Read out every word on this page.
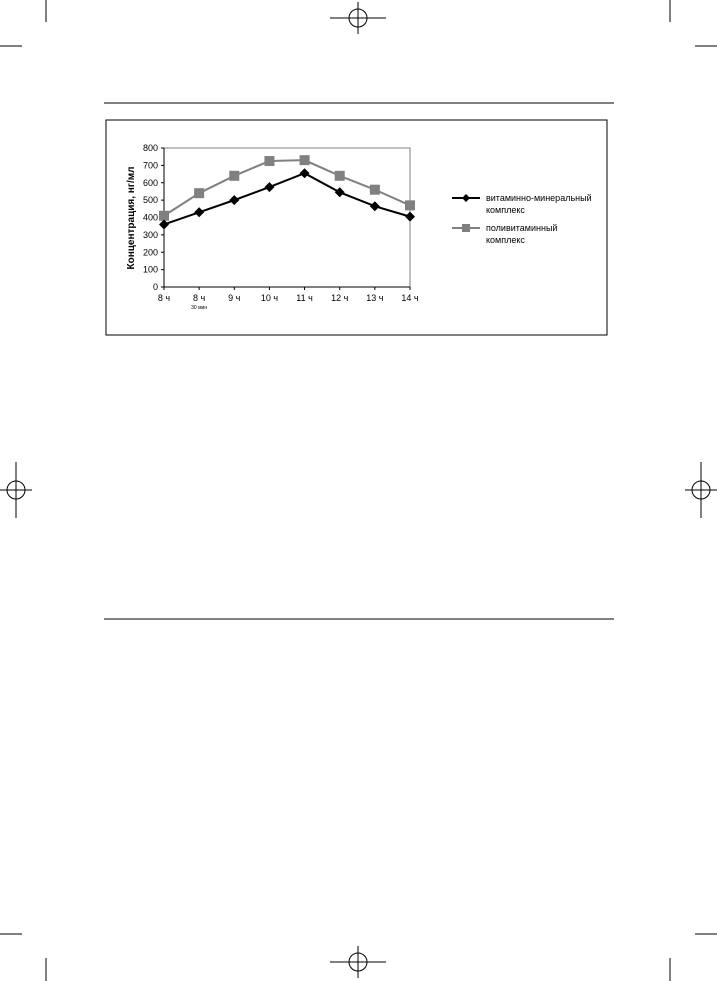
Концентрация, нг/мл
0
100
200
300
400
500
600
700
800
8 ч	8 ч
30 мин
9 ч 10 ч 11 ч 12 ч 13 ч 14 ч
витаминно-минеральный комплекс
поливитаминный комплекс
